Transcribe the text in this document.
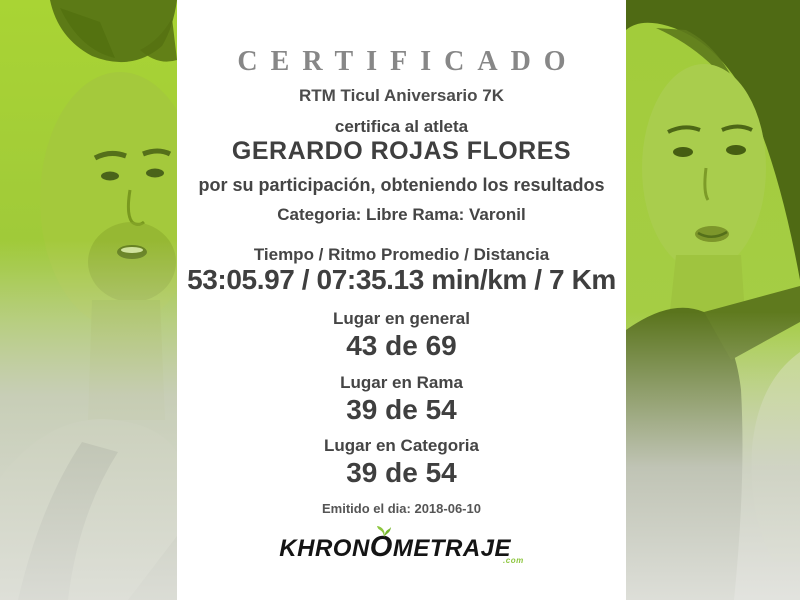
CERTIFICADO
RTM Ticul Aniversario 7K
certifica al atleta
GERARDO ROJAS FLORES
por su participación, obteniendo los resultados
Categoria: Libre Rama: Varonil
Tiempo / Ritmo Promedio / Distancia
53:05.97 / 07:35.13 min/km / 7 Km
Lugar en general
43 de 69
Lugar en Rama
39 de 54
Lugar en Categoria
39 de 54
Emitido el dia: 2018-06-10
KHRON O METRAJE
.com
